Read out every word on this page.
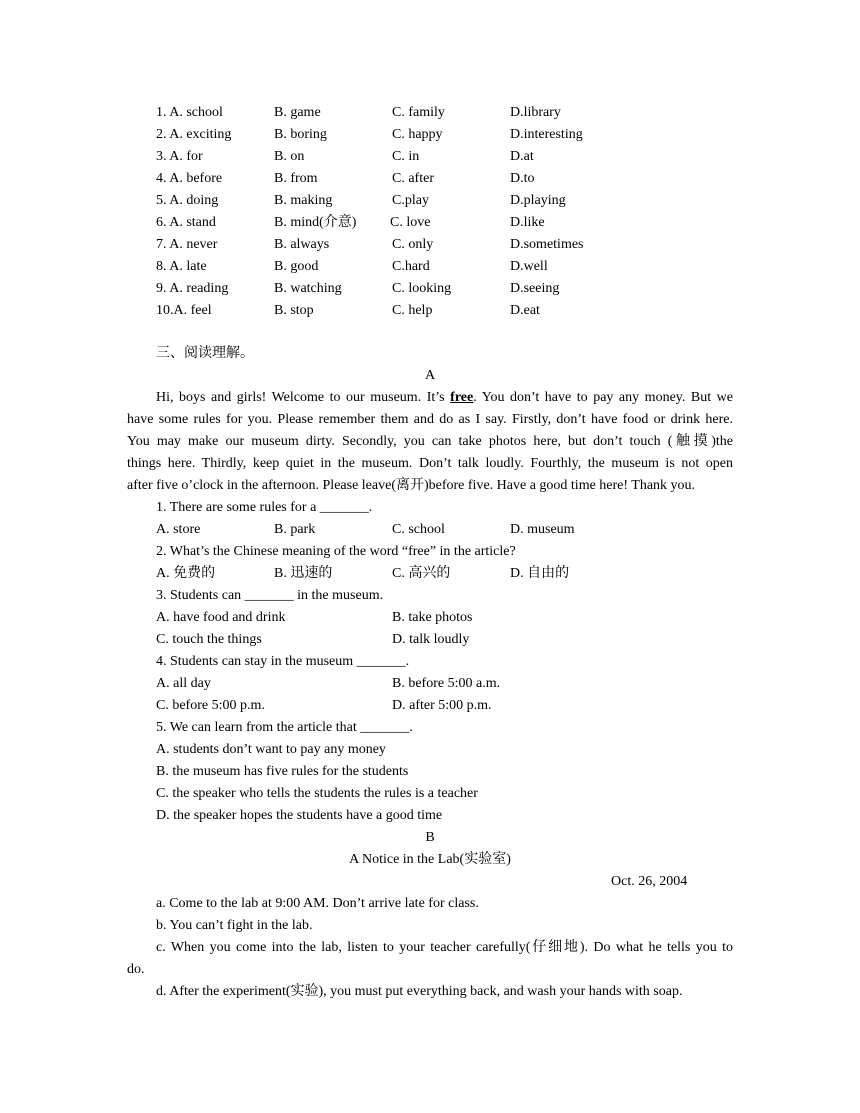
1. A. school	B. game	C. family	D.library
2. A. exciting	B. boring	C. happy	D.interesting
3. A. for	B. on	C. in	D.at
4. A. before	B. from	C. after	D.to
5. A. doing	B. making	C.play	D.playing
6. A. stand	B. mind(介意) C. love	D.like
7. A. never	B. always	C. only	D.sometimes
8. A. late	B. good	C.hard	D.well
9. A. reading	B. watching	C. looking	D.seeing
10.A. feel	B. stop	C. help	D.eat
三、阅读理解。
A
Hi, boys and girls! Welcome to our museum. It’s free. You don’t have to pay any money. But we
have some rules for you. Please remember them and do as I say. Firstly, don’t have food or drink here.
You may make our museum dirty. Secondly, you can take photos here, but don’t touch (触摸)the
things here. Thirdly, keep quiet in the museum. Don’t talk loudly. Fourthly, the museum is not open
after five o’clock in the afternoon. Please leave(离开)before five. Have a good time here! Thank you.
1. There are some rules for a _______.
A. store	B. park	C. school	D. museum
2. What’s the Chinese meaning of the word “free” in the article?
A. 免费的	B. 迅速的	C. 高兴的	D. 自由的
3. Students can _______ in the museum.
A. have food and drink	B. take photos
C. touch the things	D. talk loudly
4. Students can stay in the museum _______.
A. all day	B. before 5:00 a.m.
C. before 5:00 p.m.	D. after 5:00 p.m.
5. We can learn from the article that _______.
A. students don’t want to pay any money
B. the museum has five rules for the students
C. the speaker who tells the students the rules is a teacher
D. the speaker hopes the students have a good time
B
A Notice in the Lab(实验室)
Oct. 26, 2004
a. Come to the lab at 9:00 AM. Don’t arrive late for class.
b. You can’t fight in the lab.
c. When you come into the lab, listen to your teacher carefully(仔细地). Do what he tells you to
do.
d. After the experiment(实验), you must put everything back, and wash your hands with soap.
